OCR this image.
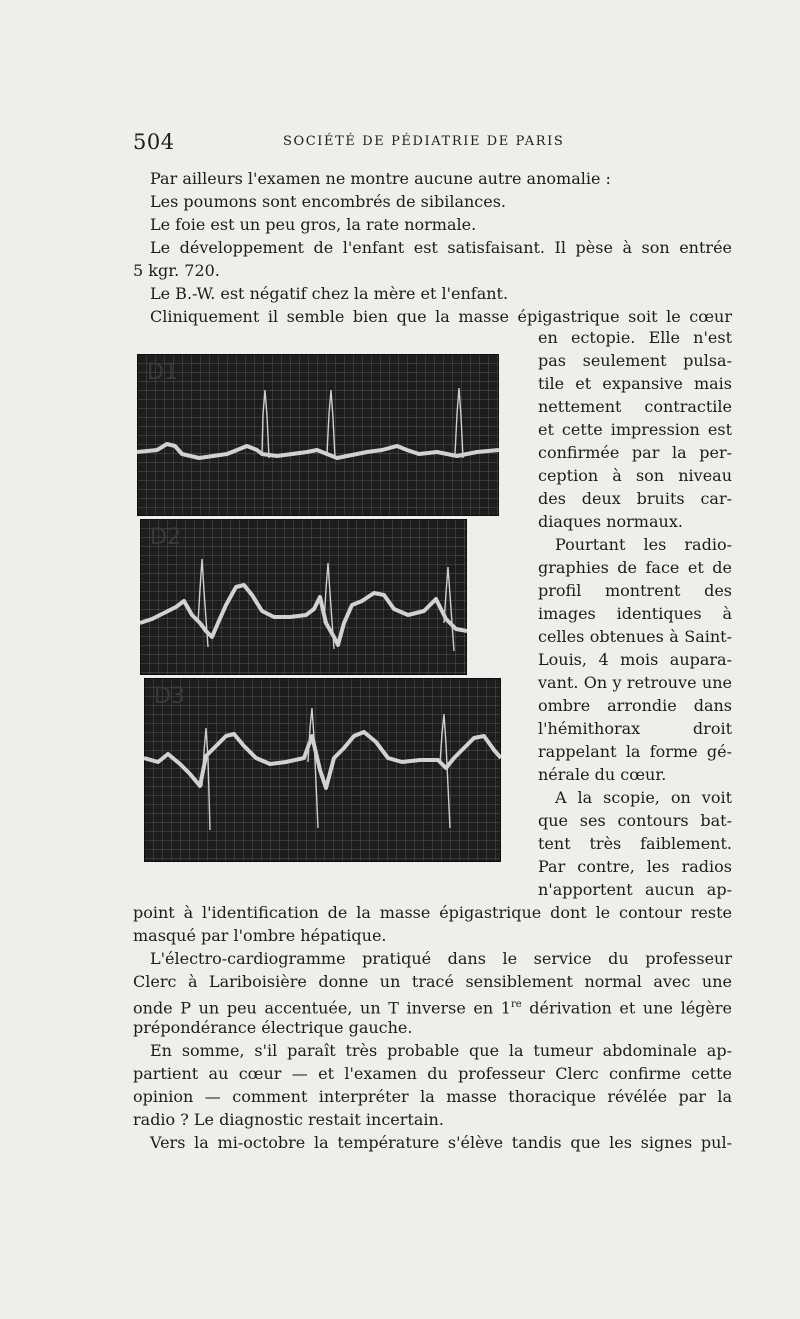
504	SOCIÉTÉ DE PÉDIATRIE DE PARIS
Par ailleurs l'examen ne montre aucune autre anomalie :
Les poumons sont encombrés de sibilances.
Le foie est un peu gros, la rate normale.
Le développement de l'enfant est satisfaisant. Il pèse à son entrée
5 kgr. 720.
Le B.-W. est négatif chez la mère et l'enfant.
Cliniquement il semble bien que la masse épigastrique soit le cœur
en ectopie. Elle n'est
pas seulement pulsa-
tile et expansive mais
nettement contractile
et cette impression est
confirmée par la per-
ception à son niveau
des deux bruits car-
diaques normaux.
Pourtant les radio-
graphies de face et de
profil montrent des
images identiques à
celles obtenues à Saint-
Louis, 4 mois aupara-
vant. On y retrouve une
ombre arrondie dans
l'hémithorax droit
rappelant la forme gé-
nérale du cœur.
A la scopie, on voit
que ses contours bat-
tent très faiblement.
Par contre, les radios
n'apportent aucun ap-
D1
D2
D3
point à l'identification de la masse épigastrique dont le contour reste
masqué par l'ombre hépatique.
L'électro-cardiogramme pratiqué dans le service du professeur
Clerc à Lariboisière donne un tracé sensiblement normal avec une
onde P un peu accentuée, un T inverse en 1re dérivation et une légère
prépondérance électrique gauche.
En somme, s'il paraît très probable que la tumeur abdominale ap-
partient au cœur — et l'examen du professeur Clerc confirme cette
opinion — comment interpréter la masse thoracique révélée par la
radio ? Le diagnostic restait incertain.
Vers la mi-octobre la température s'élève tandis que les signes pul-
